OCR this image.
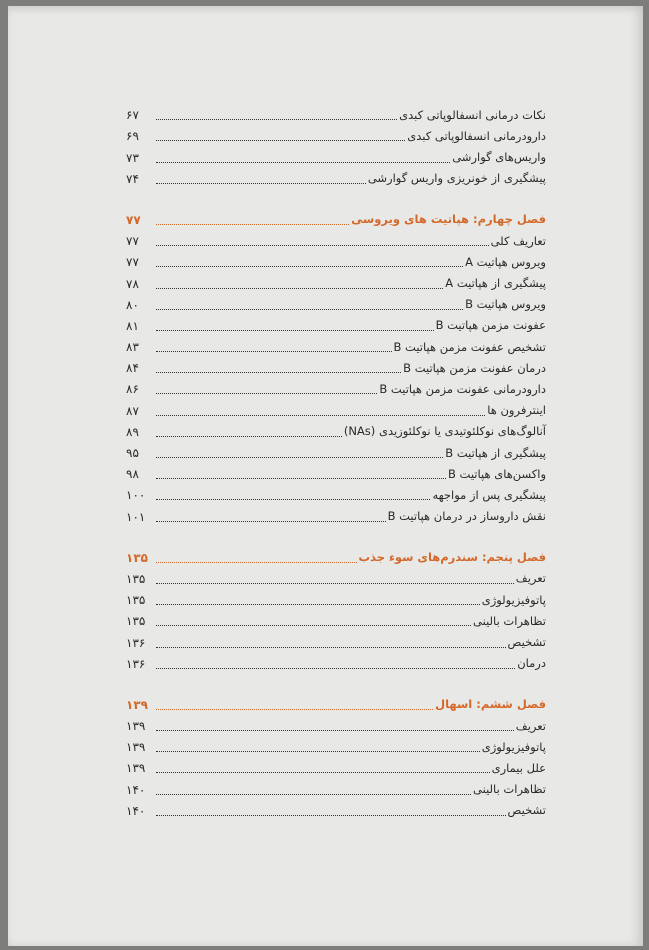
نکات درمانی انسفالوپاتی کبدی
۶۷
دارودرمانی انسفالوپاتی کبدی
۶۹
واریس‌های گوارشی
۷۳
پیشگیری از خونریزی واریس گوارشی
۷۴
فصل چهارم: هپاتیت های ویروسی
۷۷
تعاریف کلی
۷۷
ویروس هپاتیت A
۷۷
پیشگیری از هپاتیت A
۷۸
ویروس هپاتیت B
۸۰
عفونت مزمن هپاتیت B
۸۱
تشخیص عفونت مزمن هپاتیت B
۸۳
درمان عفونت مزمن هپاتیت B
۸۴
دارودرمانی عفونت مزمن هپاتیت B
۸۶
اینترفرون ها
۸۷
آنالوگ‌های نوکلئوتیدی یا نوکلئوزیدی (NAs)
۸۹
پیشگیری از هپاتیت B
۹۵
واکسن‌های هپاتیت B
۹۸
پیشگیری پس از مواجهه
۱۰۰
نقش داروساز در درمان هپاتیت B
۱۰۱
فصل پنجم: سندرم‌های سوء جذب
۱۳۵
تعریف
۱۳۵
پاتوفیزیولوژی
۱۳۵
تظاهرات بالینی
۱۳۵
تشخیص
۱۳۶
درمان
۱۳۶
فصل ششم: اسهال
۱۳۹
تعریف
۱۳۹
پاتوفیزیولوژی
۱۳۹
علل بیماری
۱۳۹
تظاهرات بالینی
۱۴۰
تشخیص
۱۴۰
